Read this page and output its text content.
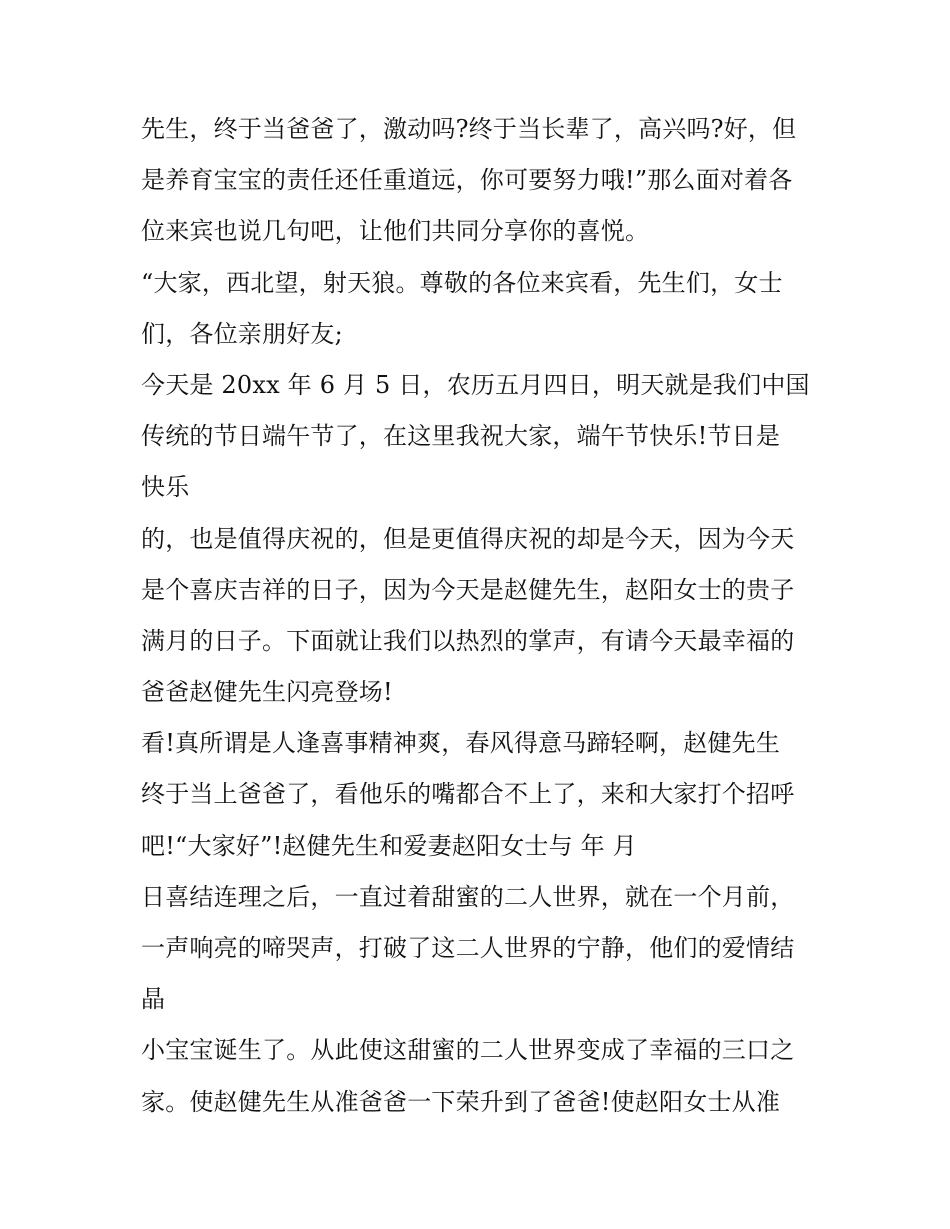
先生，终于当爸爸了，激动吗?终于当长辈了，高兴吗?好，但
是养育宝宝的责任还任重道远，你可要努力哦!”那么面对着各
位来宾也说几句吧，让他们共同分享你的喜悦。
“大家，西北望，射天狼。尊敬的各位来宾看，先生们，女士
们，各位亲朋好友;
今天是 20xx 年 6 月 5 日，农历五月四日，明天就是我们中国
传统的节日端午节了，在这里我祝大家，端午节快乐!节日是
快乐
的，也是值得庆祝的，但是更值得庆祝的却是今天，因为今天
是个喜庆吉祥的日子，因为今天是赵健先生，赵阳女士的贵子
满月的日子。下面就让我们以热烈的掌声，有请今天最幸福的
爸爸赵健先生闪亮登场!
看!真所谓是人逢喜事精神爽，春风得意马蹄轻啊，赵健先生
终于当上爸爸了，看他乐的嘴都合不上了，来和大家打个招呼
吧!“大家好”!赵健先生和爱妻赵阳女士与 年 月
日喜结连理之后，一直过着甜蜜的二人世界，就在一个月前，
一声响亮的啼哭声，打破了这二人世界的宁静，他们的爱情结
晶
小宝宝诞生了。从此使这甜蜜的二人世界变成了幸福的三口之
家。使赵健先生从准爸爸一下荣升到了爸爸!使赵阳女士从准
